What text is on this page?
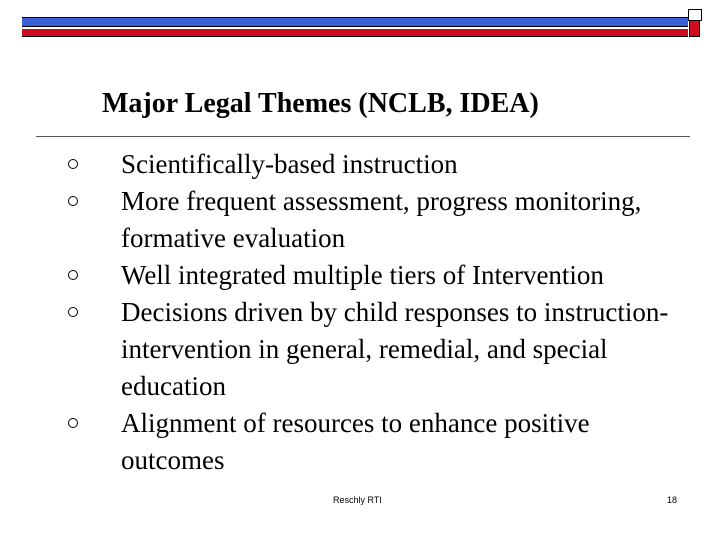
Major Legal Themes (NCLB, IDEA)
Scientifically-based instruction
More frequent assessment, progress monitoring, formative evaluation
Well integrated multiple tiers of Intervention
Decisions driven by child responses to instruction-intervention in general, remedial, and special education
Alignment of resources to enhance positive outcomes
Reschly RTI	18
